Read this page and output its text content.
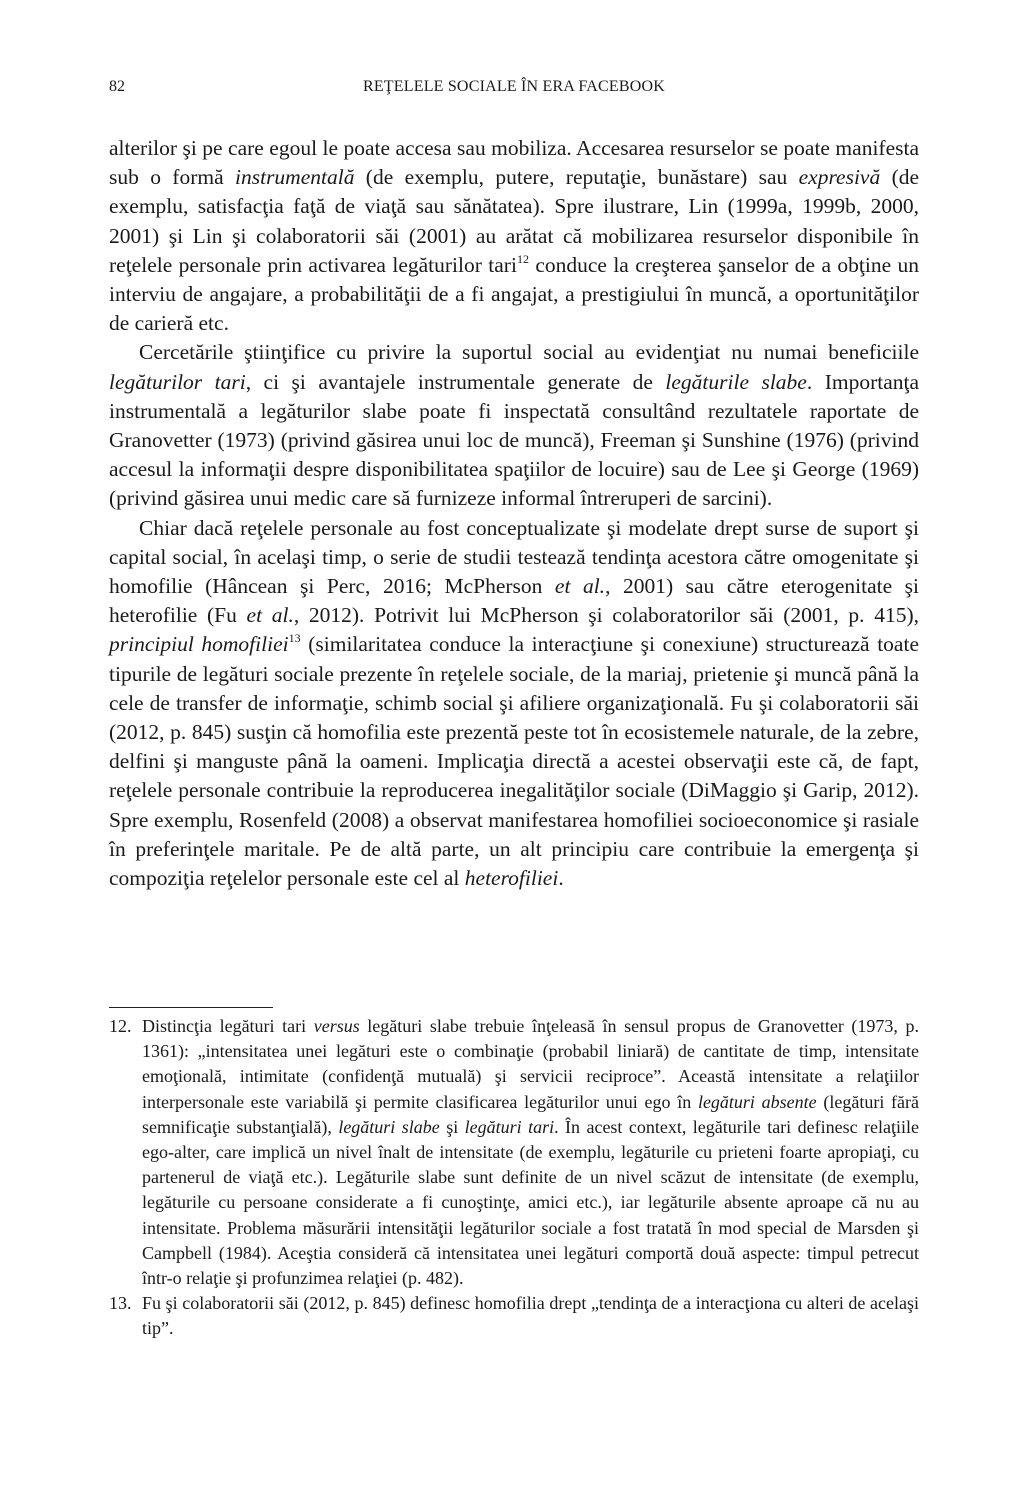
82	REŢELELE SOCIALE ÎN ERA FACEBOOK

alterilor şi pe care egoul le poate accesa sau mobiliza. Accesarea resurselor se poate manifesta sub o formă instrumentală (de exemplu, putere, reputaţie, bunăstare) sau expresivă (de exemplu, satisfacţia faţă de viaţă sau sănătatea). Spre ilustrare, Lin (1999a, 1999b, 2000, 2001) şi Lin şi colaboratorii săi (2001) au arătat că mobilizarea resurselor disponibile în reţelele personale prin activarea legăturilor tari$^{12}$ conduce la creşterea şanselor de a obţine un interviu de angajare, a probabilităţii de a fi angajat, a prestigiului în muncă, a oportunităţilor de carieră etc.

Cercetările ştiinţifice cu privire la suportul social au evidenţiat nu numai beneficiile legăturilor tari, ci şi avantajele instrumentale generate de legăturile slabe. Importanţa instrumentală a legăturilor slabe poate fi inspectată consultând rezultatele raportate de Granovetter (1973) (privind găsirea unui loc de muncă), Freeman şi Sunshine (1976) (privind accesul la informaţii despre disponibilitatea spaţiilor de locuire) sau de Lee şi George (1969) (privind găsirea unui medic care să furnizeze informal întreruperi de sarcini).

Chiar dacă reţelele personale au fost conceptualizate şi modelate drept surse de suport şi capital social, în acelaşi timp, o serie de studii testează tendinţa acestora către omogenitate şi homofilie (Hâncean şi Perc, 2016; McPherson et al., 2001) sau către eterogenitate şi heterofilie (Fu et al., 2012). Potrivit lui McPherson şi colaboratorilor săi (2001, p. 415), principiul homofiliei$^{13}$ (similaritatea conduce la interacţiune şi conexiune) structurează toate tipurile de legături sociale prezente în reţelele sociale, de la mariaj, prietenie şi muncă până la cele de transfer de informaţie, schimb social şi afiliere organizaţională. Fu şi colaboratorii săi (2012, p. 845) susţin că homofilia este prezentă peste tot în ecosistemele naturale, de la zebre, delfini şi manguste până la oameni. Implicaţia directă a acestei observaţii este că, de fapt, reţelele personale contribuie la reproducerea inegalităţilor sociale (DiMaggio şi Garip, 2012). Spre exemplu, Rosenfeld (2008) a observat manifestarea homofiliei socioeconomice şi rasiale în preferinţele maritale. Pe de altă parte, un alt principiu care contribuie la emergenţa şi compoziţia reţelelor personale este cel al heterofiliei.

12. Distincţia legături tari versus legături slabe trebuie înţeleasă în sensul propus de Granovetter (1973, p. 1361): „intensitatea unei legături este o combinaţie (probabil liniară) de cantitate de timp, intensitate emoţională, intimitate (confidenţă mutuală) şi servicii reciproce”. Această intensitate a relaţiilor interpersonale este variabilă şi permite clasificarea legăturilor unui ego în legături absente (legături fără semnificaţie substanţială), legături slabe şi legături tari. În acest context, legăturile tari definesc relaţiile ego-alter, care implică un nivel înalt de intensitate (de exemplu, legăturile cu prieteni foarte apropiaţi, cu partenerul de viaţă etc.). Legăturile slabe sunt definite de un nivel scăzut de intensitate (de exemplu, legăturile cu persoane considerate a fi cunoştinţe, amici etc.), iar legăturile absente aproape că nu au intensitate. Problema măsurării intensităţii legăturilor sociale a fost tratată în mod special de Marsden şi Campbell (1984). Aceştia consideră că intensitatea unei legături comportă două aspecte: timpul petrecut într-o relaţie şi profunzimea relaţiei (p. 482).
13. Fu şi colaboratorii săi (2012, p. 845) definesc homofilia drept „tendinţa de a interacţiona cu alteri de acelaşi tip”.
